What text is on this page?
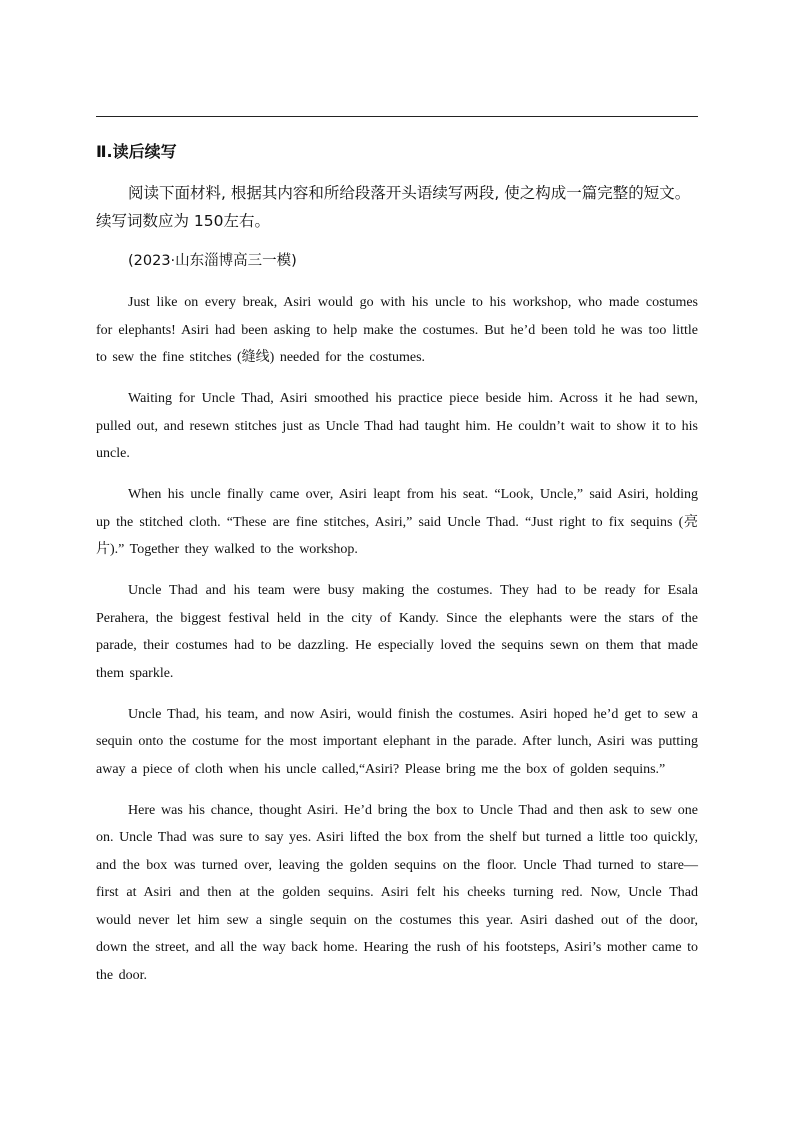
Ⅱ.读后续写

阅读下面材料, 根据其内容和所给段落开头语续写两段, 使之构成一篇完整的短文。续写词数应为 150左右。

(2023·山东淄博高三一模)

Just like on every break, Asiri would go with his uncle to his workshop, who made costumes for elephants! Asiri had been asking to help make the costumes. But he’d been told he was too little to sew the fine stitches (缝线) needed for the costumes.

Waiting for Uncle Thad, Asiri smoothed his practice piece beside him. Across it he had sewn, pulled out, and resewn stitches just as Uncle Thad had taught him. He couldn’t wait to show it to his uncle.

When his uncle finally came over, Asiri leapt from his seat. “Look, Uncle,” said Asiri, holding up the stitched cloth. “These are fine stitches, Asiri,” said Uncle Thad. “Just right to fix sequins (亮片).” Together they walked to the workshop.

Uncle Thad and his team were busy making the costumes. They had to be ready for Esala Perahera, the biggest festival held in the city of Kandy. Since the elephants were the stars of the parade, their costumes had to be dazzling. He especially loved the sequins sewn on them that made them sparkle.

Uncle Thad, his team, and now Asiri, would finish the costumes. Asiri hoped he’d get to sew a sequin onto the costume for the most important elephant in the parade. After lunch, Asiri was putting away a piece of cloth when his uncle called,“Asiri? Please bring me the box of golden sequins.”

Here was his chance, thought Asiri. He’d bring the box to Uncle Thad and then ask to sew one on. Uncle Thad was sure to say yes. Asiri lifted the box from the shelf but turned a little too quickly, and the box was turned over, leaving the golden sequins on the floor. Uncle Thad turned to stare—first at Asiri and then at the golden sequins. Asiri felt his cheeks turning red. Now, Uncle Thad would never let him sew a single sequin on the costumes this year. Asiri dashed out of the door, down the street, and all the way back home. Hearing the rush of his footsteps, Asiri’s mother came to the door.
